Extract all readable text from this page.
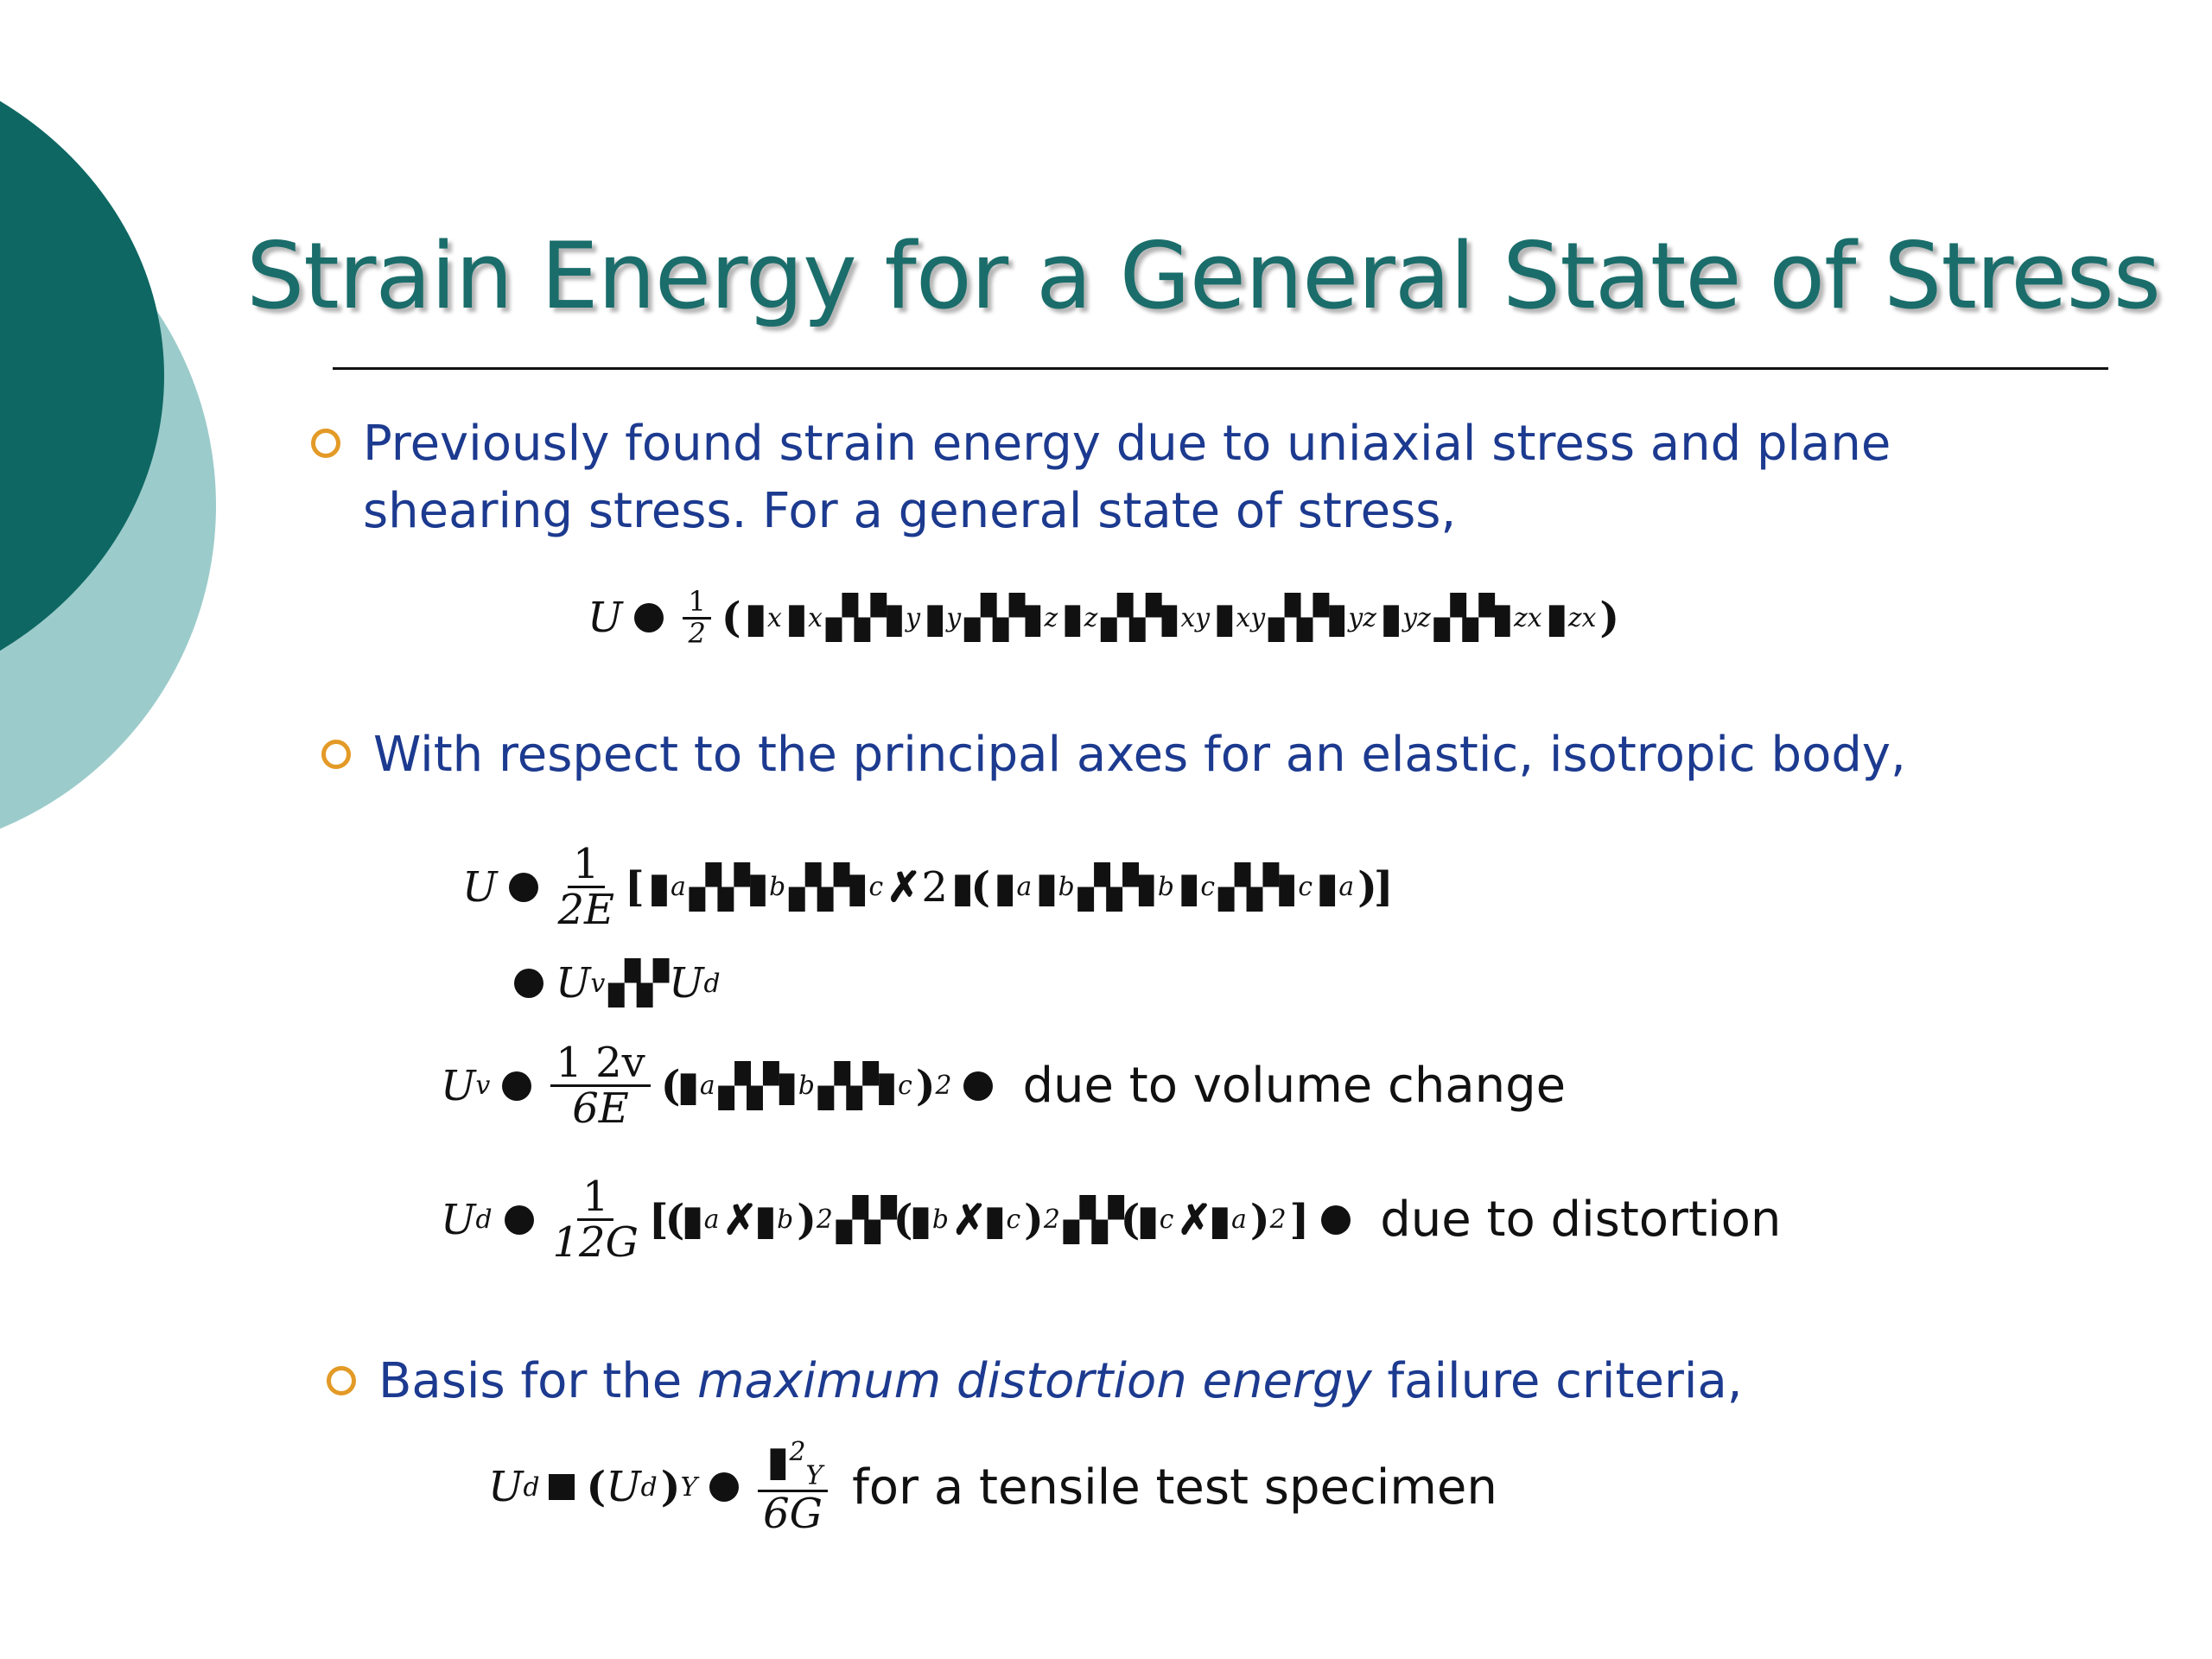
Strain Energy for a General State of Stress
Previously found strain energy due to uniaxial stress and plane
shearing stress. For a general state of stress,
U $\frac{1}{2}$ ( ▮ x ▮ x ▞▞▮ y ▮ y ▞▞▮ z ▮ z ▞▞▮ xy ▮ xy ▞▞▮ yz ▮ yz ▞▞▮ zx ▮ zx )
With respect to the principal axes for an elastic, isotropic body,
U $\frac{1}{2E}$ [ ▮ a ▞▞▮ b ▞▞▮ c ✗ 2 ▮( ▮ a ▮ b ▞▞▮ b ▮ c ▞▞▮ c ▮ a )]
U v ▞▞ U d
U v $\frac{1 2v}{6E}$ (▮ a ▞▞▮ b ▞▞▮ c ) 2 due to volume change
U d $\frac{1}{12G}$ [(▮ a ✗▮ b ) 2 ▞▞(▮ b ✗▮ c ) 2 ▞▞(▮ c ✗▮ a ) 2 ] due to distortion
Basis for the maximum distortion energy failure criteria,
U d ( U d ) Y $\frac{▮ ^2_Y}{6G}$ for a tensile test specimen
